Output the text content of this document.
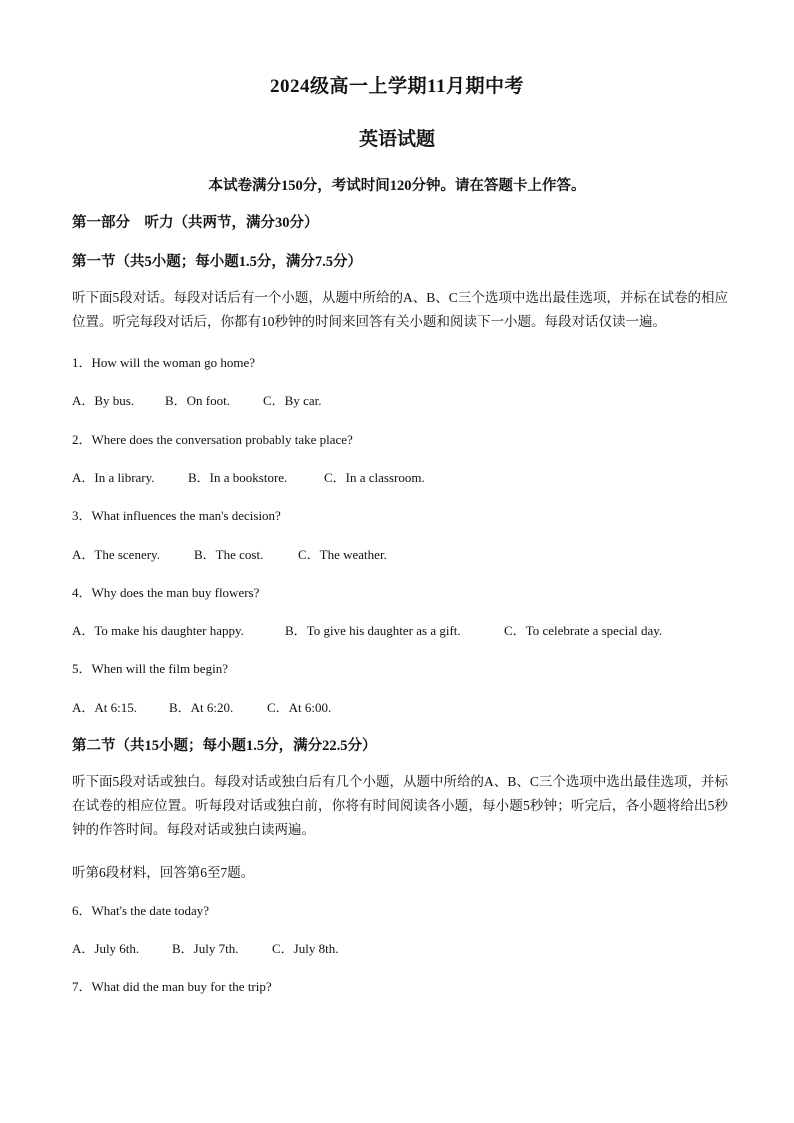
2024级高一上学期11月期中考
英语试题
本试卷满分150分，考试时间120分钟。请在答题卡上作答。
第一部分　听力（共两节，满分30分）
第一节（共5小题；每小题1.5分，满分7.5分）
听下面5段对话。每段对话后有一个小题，从题中所给的A、B、C三个选项中选出最佳选项，并标在试卷的相应位置。听完每段对话后，你都有10秒钟的时间来回答有关小题和阅读下一小题。每段对话仅读一遍。
1．How will the woman go home?
A．By bus. B．On foot.	C．By car.
2．Where does the conversation probably take place?
A．In a library.	B．In a bookstore.	C．In a classroom.
3．What influences the man's decision?
A．The scenery.	B．The cost.	C．The weather.
4．Why does the man buy flowers?
A．To make his daughter happy.	B．To give his daughter as a gift.	C．To celebrate a special day.
5．When will the film begin?
A．At 6:15. B．At 6:20.	C．At 6:00.
第二节（共15小题；每小题1.5分，满分22.5分）
听下面5段对话或独白。每段对话或独白后有几个小题，从题中所给的A、B、C三个选项中选出最佳选项，并标在试卷的相应位置。听每段对话或独白前，你将有时间阅读各小题，每小题5秒钟；听完后，各小题将给出5秒钟的作答时间。每段对话或独白读两遍。
听第6段材料，回答第6至7题。
6．What's the date today?
A．July 6th.	B．July 7th.	C．July 8th.
7．What did the man buy for the trip?
